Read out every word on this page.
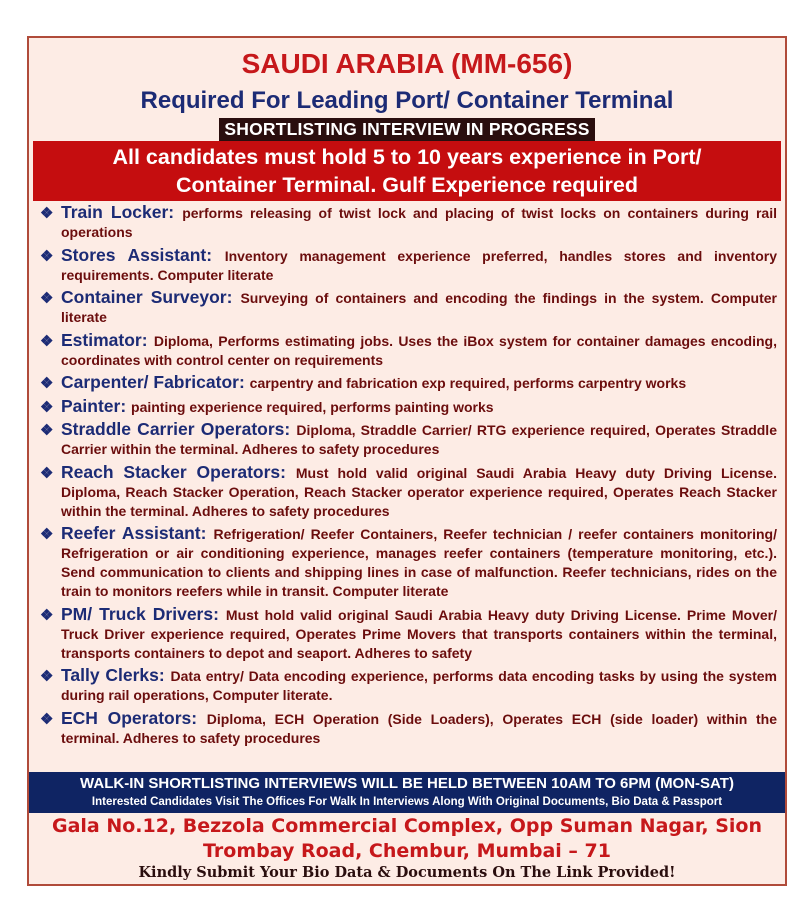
SAUDI ARABIA (MM-656)
Required For Leading Port/ Container Terminal
SHORTLISTING INTERVIEW IN PROGRESS
All candidates must hold 5 to 10 years experience in Port/
Container Terminal. Gulf Experience required
❖ Train Locker: performs releasing of twist lock and placing of twist locks on containers during rail operations
❖ Stores Assistant: Inventory management experience preferred, handles stores and inventory requirements. Computer literate
❖ Container Surveyor: Surveying of containers and encoding the findings in the system. Computer literate
❖ Estimator: Diploma, Performs estimating jobs. Uses the iBox system for container damages encoding, coordinates with control center on requirements
❖ Carpenter/ Fabricator: carpentry and fabrication exp required, performs carpentry works
❖ Painter: painting experience required, performs painting works
❖ Straddle Carrier Operators: Diploma, Straddle Carrier/ RTG experience required, Operates Straddle Carrier within the terminal. Adheres to safety procedures
❖ Reach Stacker Operators: Must hold valid original Saudi Arabia Heavy duty Driving License. Diploma, Reach Stacker Operation, Reach Stacker operator experience required, Operates Reach Stacker within the terminal. Adheres to safety procedures
❖ Reefer Assistant: Refrigeration/ Reefer Containers, Reefer technician / reefer containers monitoring/ Refrigeration or air conditioning experience, manages reefer containers (temperature monitoring, etc.). Send communication to clients and shipping lines in case of malfunction. Reefer technicians, rides on the train to monitors reefers while in transit. Computer literate
❖ PM/ Truck Drivers: Must hold valid original Saudi Arabia Heavy duty Driving License. Prime Mover/ Truck Driver experience required, Operates Prime Movers that transports containers within the terminal, transports containers to depot and seaport. Adheres to safety
❖ Tally Clerks: Data entry/ Data encoding experience, performs data encoding tasks by using the system during rail operations, Computer literate.
❖ ECH Operators: Diploma, ECH Operation (Side Loaders), Operates ECH (side loader) within the terminal. Adheres to safety procedures
WALK-IN SHORTLISTING INTERVIEWS WILL BE HELD BETWEEN 10AM TO 6PM (MON-SAT)
Interested Candidates Visit The Offices For Walk In Interviews Along With Original Documents, Bio Data & Passport
Gala No.12, Bezzola Commercial Complex, Opp Suman Nagar, Sion
Trombay Road, Chembur, Mumbai – 71
Kindly Submit Your Bio Data & Documents On The Link Provided!
